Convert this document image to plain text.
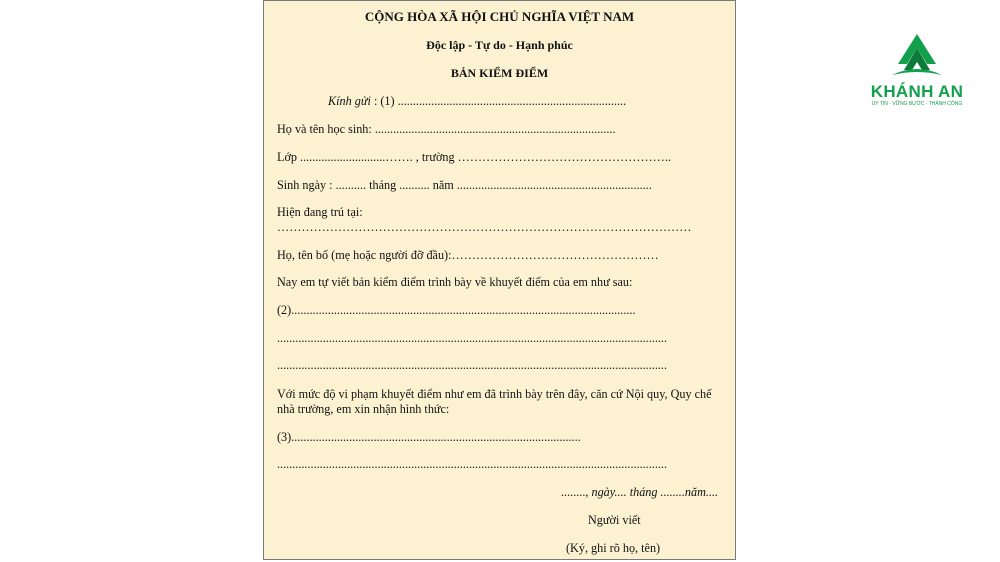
CỘNG HÒA XÃ HỘI CHỦ NGHĨA VIỆT NAM
Độc lập - Tự do - Hạnh phúc
BẢN KIỂM ĐIỂM
Kính gửi : (1) ...........................................................................
Họ và tên học sinh: ...............................................................................
Lớp ............................……. , trường ……………………………………………..
Sinh ngày : .......... tháng .......... năm ................................................................
Hiện đang trú tại:
…………………………………………………………………………………………
Họ, tên bố (mẹ hoặc người đỡ đầu):……………………………………………
Nay em tự viết bản kiểm điểm trình bày về khuyết điểm của em như sau:
(2).................................................................................................................
................................................................................................................................
................................................................................................................................
Với mức độ vi phạm khuyết điểm như em đã trình bày trên đây, căn cứ Nội quy, Quy chế
nhà trường, em xin nhận hình thức:
(3)...............................................................................................
................................................................................................................................
........, ngày.... tháng ........năm....
Người viết
(Ký, ghi rõ họ, tên)
KHÁNH AN
UY TÍN · VỮNG BƯỚC · THÀNH CÔNG
